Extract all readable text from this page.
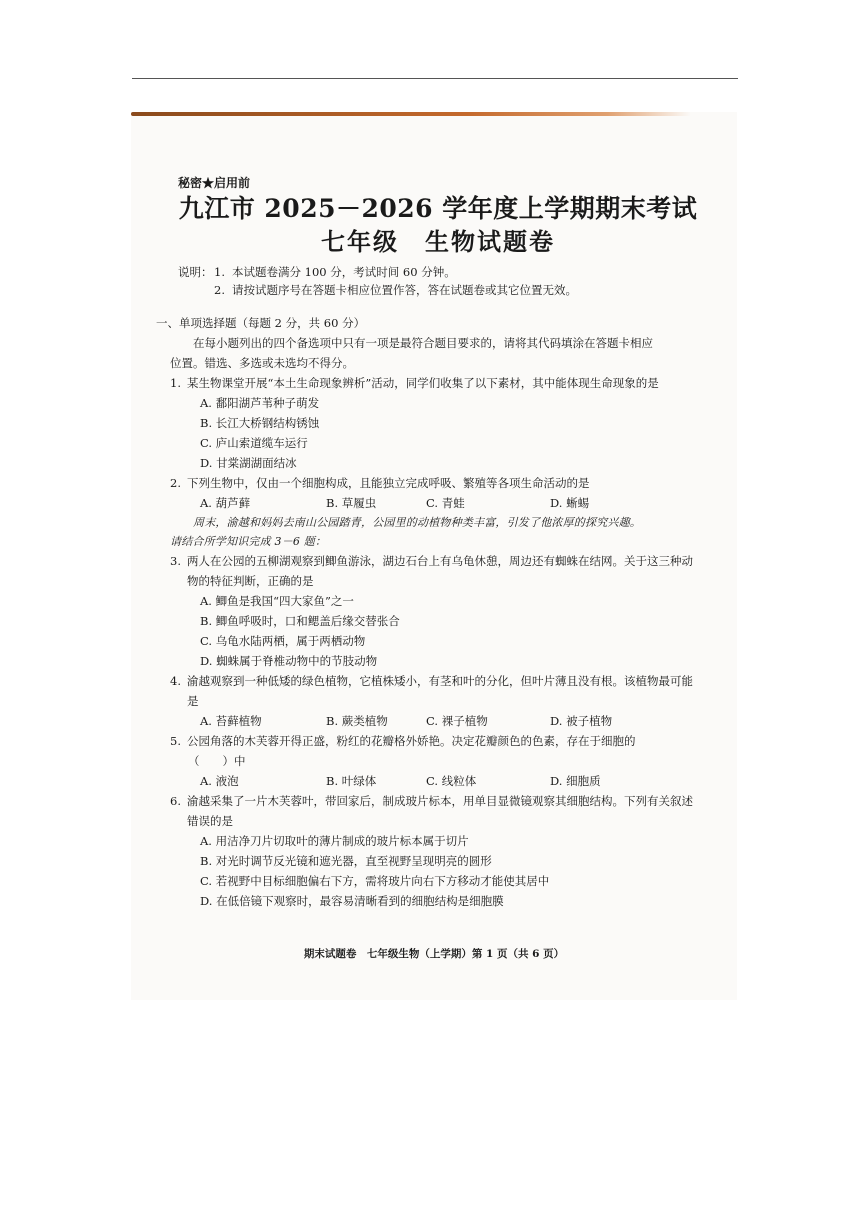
秘密★启用前

九江市 2025－2026 学年度上学期期末考试

七年级 生物试题卷

说明： 1. 本试题卷满分 100 分，考试时间 60 分钟。
2. 请按试题序号在答题卡相应位置作答，答在试题卷或其它位置无效。

一、单项选择题（每题 2 分，共 60 分）

在每小题列出的四个备选项中只有一项是最符合题目要求的，请将其代码填涂在答题卡相应

位置。错选、多选或未选均不得分。

1. 某生物课堂开展“本土生命现象辨析”活动，同学们收集了以下素材，其中能体现生命现象的是

A. 鄱阳湖芦苇种子萌发

B. 长江大桥钢结构锈蚀

C. 庐山索道缆车运行

D. 甘棠湖湖面结冰

2. 下列生物中，仅由一个细胞构成，且能独立完成呼吸、繁殖等各项生命活动的是
A. 葫芦藓	B. 草履虫	C. 青蛙	D. 蜥蜴

周末，渝越和妈妈去南山公园踏青，公园里的动植物种类丰富，引发了他浓厚的探究兴趣。

请结合所学知识完成 3－6 题：

3. 两人在公园的五柳湖观察到鲫鱼游泳，湖边石台上有乌龟休憩，周边还有蜘蛛在结网。关于这三种动物的特征判断，正确的是

A. 鲫鱼是我国“四大家鱼”之一

B. 鲫鱼呼吸时，口和鳃盖后缘交替张合

C. 乌龟水陆两栖，属于两栖动物

D. 蜘蛛属于脊椎动物中的节肢动物

4. 渝越观察到一种低矮的绿色植物，它植株矮小，有茎和叶的分化，但叶片薄且没有根。该植物最可能是
A. 苔藓植物	B. 蕨类植物	C. 裸子植物	D. 被子植物
5. 公园角落的木芙蓉开得正盛，粉红的花瓣格外娇艳。决定花瓣颜色的色素，存在于细胞的

（　　）中

A. 液泡	B. 叶绿体	C. 线粒体	D. 细胞质
6. 渝越采集了一片木芙蓉叶，带回家后，制成玻片标本，用单目显微镜观察其细胞结构。下列有关叙述错误的是

A. 用洁净刀片切取叶的薄片制成的玻片标本属于切片

B. 对光时调节反光镜和遮光器，直至视野呈现明亮的圆形

C. 若视野中目标细胞偏右下方，需将玻片向右下方移动才能使其居中

D. 在低倍镜下观察时，最容易清晰看到的细胞结构是细胞膜

期末试题卷　七年级生物（上学期）第 1 页（共 6 页）
